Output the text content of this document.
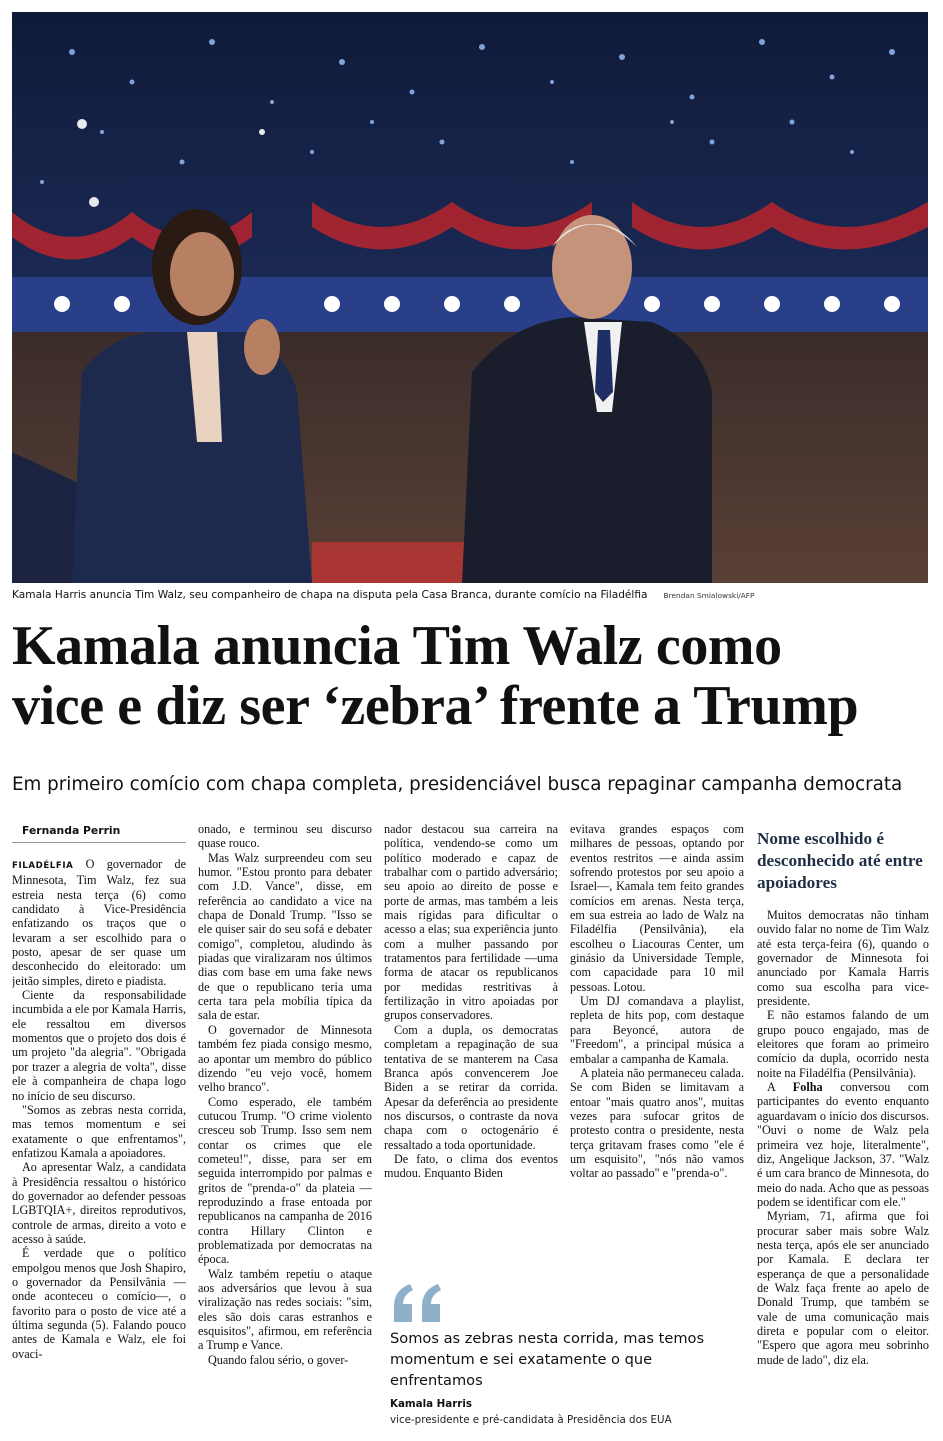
Kamala Harris anuncia Tim Walz, seu companheiro de chapa na disputa pela Casa Branca, durante comício na Filadélfia Brendan Smialowski/AFP
Kamala anuncia Tim Walz como
vice e diz ser ‘zebra’ frente a Trump
Em primeiro comício com chapa completa, presidenciável busca repaginar campanha democrata

Fernanda Perrin

FILADÉLFIA O governador de Minnesota, Tim Walz, fez sua estreia nesta terça (6) como candidato à Vice-Presidência enfatizando os traços que o levaram a ser escolhido para o posto, apesar de ser quase um desconhecido do eleitorado: um jeitão simples, direto e piadista.

Ciente da responsabilidade incumbida a ele por Kamala Harris, ele ressaltou em diversos momentos que o projeto dos dois é um projeto "da alegria". "Obrigada por trazer a alegria de volta", disse ele à companheira de chapa logo no início de seu discurso.

"Somos as zebras nesta corrida, mas temos momentum e sei exatamente o que enfrentamos", enfatizou Kamala a apoiadores.

Ao apresentar Walz, a candidata à Presidência ressaltou o histórico do governador ao defender pessoas LGBTQIA+, direitos reprodutivos, controle de armas, direito a voto e acesso à saúde.

É verdade que o político empolgou menos que Josh Shapiro, o governador da Pensilvânia —onde aconteceu o comício—, o favorito para o posto de vice até a última segunda (5). Falando pouco antes de Kamala e Walz, ele foi ovaci-

onado, e terminou seu discurso quase rouco.

Mas Walz surpreendeu com seu humor. "Estou pronto para debater com J.D. Vance", disse, em referência ao candidato a vice na chapa de Donald Trump. "Isso se ele quiser sair do seu sofá e debater comigo", completou, aludindo às piadas que viralizaram nos últimos dias com base em uma fake news de que o republicano teria uma certa tara pela mobília típica da sala de estar.

O governador de Minnesota também fez piada consigo mesmo, ao apontar um membro do público dizendo "eu vejo você, homem velho branco".

Como esperado, ele também cutucou Trump. "O crime violento cresceu sob Trump. Isso sem nem contar os crimes que ele cometeu!", disse, para ser em seguida interrompido por palmas e gritos de "prenda-o" da plateia — reproduzindo a frase entoada por republicanos na campanha de 2016 contra Hillary Clinton e problematizada por democratas na época.

Walz também repetiu o ataque aos adversários que levou à sua viralização nas redes sociais: "sim, eles são dois caras estranhos e esquisitos", afirmou, em referência a Trump e Vance.

Quando falou sério, o gover-

nador destacou sua carreira na política, vendendo-se como um político moderado e capaz de trabalhar com o partido adversário; seu apoio ao direito de posse e porte de armas, mas também a leis mais rígidas para dificultar o acesso a elas; sua experiência junto com a mulher passando por tratamentos para fertilidade —uma forma de atacar os republicanos por medidas restritivas à fertilização in vitro apoiadas por grupos conservadores.

Com a dupla, os democratas completam a repaginação de sua tentativa de se manterem na Casa Branca após convencerem Joe Biden a se retirar da corrida. Apesar da deferência ao presidente nos discursos, o contraste da nova chapa com o octogenário é ressaltado a toda oportunidade.

De fato, o clima dos eventos mudou. Enquanto Biden

evitava grandes espaços com milhares de pessoas, optando por eventos restritos —e ainda assim sofrendo protestos por seu apoio a Israel—, Kamala tem feito grandes comícios em arenas. Nesta terça, em sua estreia ao lado de Walz na Filadélfia (Pensilvânia), ela escolheu o Liacouras Center, um ginásio da Universidade Temple, com capacidade para 10 mil pessoas. Lotou.

Um DJ comandava a playlist, repleta de hits pop, com destaque para Beyoncé, autora de "Freedom", a principal música a embalar a campanha de Kamala.

A plateia não permaneceu calada. Se com Biden se limitavam a entoar "mais quatro anos", muitas vezes para sufocar gritos de protesto contra o presidente, nesta terça gritavam frases como "ele é um esquisito", "nós não vamos voltar ao passado" e "prenda-o".

Somos as zebras nesta corrida, mas temos momentum e sei exatamente o que enfrentamos
Kamala Harris
vice-presidente e pré-candidata à Presidência dos EUA
Nome escolhido é desconhecido até entre apoiadores

Muitos democratas não tinham ouvido falar no nome de Tim Walz até esta terça-feira (6), quando o governador de Minnesota foi anunciado por Kamala Harris como sua escolha para vice-presidente.

E não estamos falando de um grupo pouco engajado, mas de eleitores que foram ao primeiro comício da dupla, ocorrido nesta noite na Filadélfia (Pensilvânia).

A Folha conversou com participantes do evento enquanto aguardavam o início dos discursos. "Ouvi o nome de Walz pela primeira vez hoje, literalmente", diz, Angelique Jackson, 37. "Walz é um cara branco de Minnesota, do meio do nada. Acho que as pessoas podem se identificar com ele."

Myriam, 71, afirma que foi procurar saber mais sobre Walz nesta terça, após ele ser anunciado por Kamala. E declara ter esperança de que a personalidade de Walz faça frente ao apelo de Donald Trump, que também se vale de uma comunicação mais direta e popular com o eleitor. "Espero que agora meu sobrinho mude de lado", diz ela.
